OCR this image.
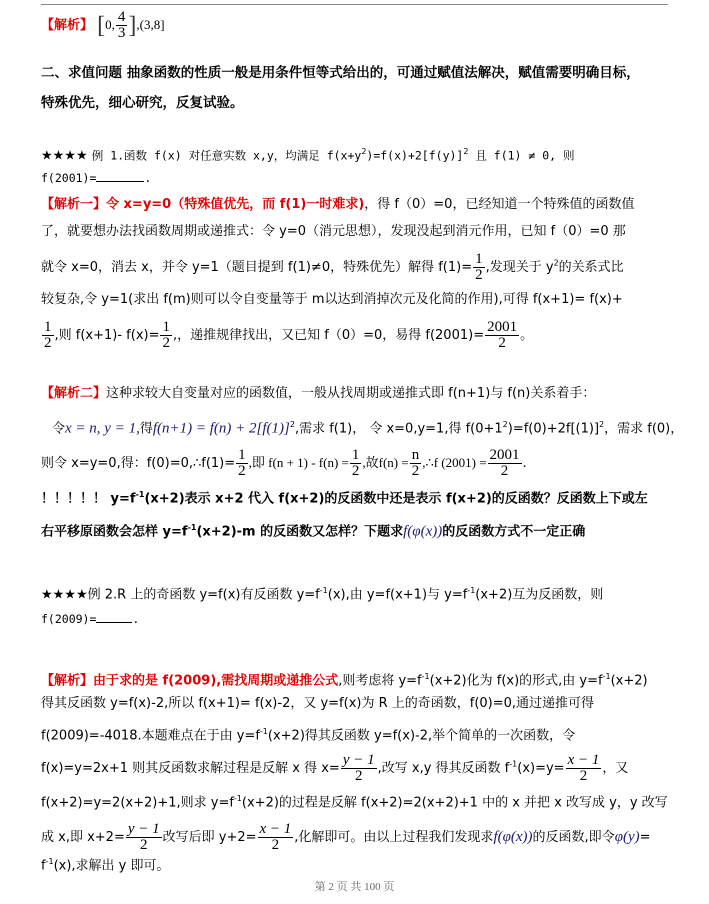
【解析】 [0, $\frac{4}{3} ],(3,8]$
二、求值问题 抽象函数的性质一般是用条件恒等式给出的，可通过赋值法解决，赋值需要明确目标，
特殊优先，细心研究，反复试验。
★★★★ 例 1.函数 f(x) 对任意实数 x,y，均满足 $f(x+y^2)=f(x)+2[f(y)]^2$ 且 f(1) ≠ 0, 则
f(2001)=	.
【解析一】令 x=y=0（特殊值优先，而 f(1)一时难求)，得 f（0）=0，已经知道一个特殊值的函数值
了，就要想办法找函数周期或递推式：令 y=0（消元思想），发现没起到消元作用，已知 f（0）=0 那
就令 x=0，消去 x，并令 y=1（题目提到 f(1)≠0，特殊优先）解得 $f(1)= \frac{1}{2}$ ,发现关于 $y^2$的关系式比
较复杂,令 y=1(求出 f(m)则可以令自变量等于 m以达到消掉次元及化简的作用),可得 f(x+1)= f(x)+
$\frac{1}{2}$ ,则 f(x+1)- $f(x)= \frac{1}{2}$ ,，递推规律找出，又已知 f（0）=0，易得 $f(2001)= \frac{2001}{2}$ 。
【解析二】这种求较大自变量对应的函数值，一般从找周期或递推式即 f(n+1)与 f(n)关系着手：
令x = n, y = 1,得$f(n+1) = f(n) + 2[f(1)]^2$,需求 f(1)， 令 x=0,y=1,得 $f(0+1^2)=f(0)+2f[(1)]^2$，需求 f(0)，
则令 x=y=0,得：f(0)=0,∴f(1)= $\frac{1}{2}$ ,即 $f(n + 1) - f(n) = \frac{1}{2}$ ,故$f(n) = \frac{n}{2}$ ,∴f $(2001) = \frac{2001}{2}$ .
！！！！！ $y=f^{-1}(x+2)$表示 x+2 代入 f(x+2)的反函数中还是表示 f(x+2)的反函数？反函数上下或左
右平移原函数会怎样 $y=f^{-1}(x+2)-m$ 的反函数又怎样？下题求f(φ(x))的反函数方式不一定正确
★★★★例 2.R 上的奇函数 y=f(x)有反函数 $y=f^{-1}(x)$,由 y=f(x+1)与 $y=f^{-1}(x+2)$互为反函数，则
f(2009)=	.
【解析】由于求的是 f(2009),需找周期或递推公式,则考虑将 $y=f^{-1}(x+2)$化为 f(x)的形式,由 $y=f^{-1}(x+2)$
得其反函数 y=f(x)-2,所以 f(x+1)= f(x)-2，又 y=f(x)为 R 上的奇函数，f(0)=0,通过递推可得
f(2009)=-4018.本题难点在于由 $y=f^{-1}(x+2)$得其反函数 y=f(x)-2,举个简单的一次函数，令
f(x)=y=2x+1 则其反函数求解过程是反解 x 得 $x= \frac{y - 1}{2}$ ,改写 x,y 得其反函数 $f^{-1}(x)=y= \frac{x - 1}{2}$ ，又
f(x+2)=y=2(x+2)+1,则求 $y=f^{-1}(x+2)$的过程是反解 f(x+2)=2(x+2)+1 中的 x 并把 x 改写成 y，y 改写
成 x,即 $x+2= \frac{y - 1}{2}$ 改写后即 $y+2= \frac{x - 1}{2}$ ,化解即可。由以上过程我们发现求f(φ(x))的反函数,即令φ(y)=
$f^{-1}(x)$,求解出 y 即可。
第 2 页 共 100 页
